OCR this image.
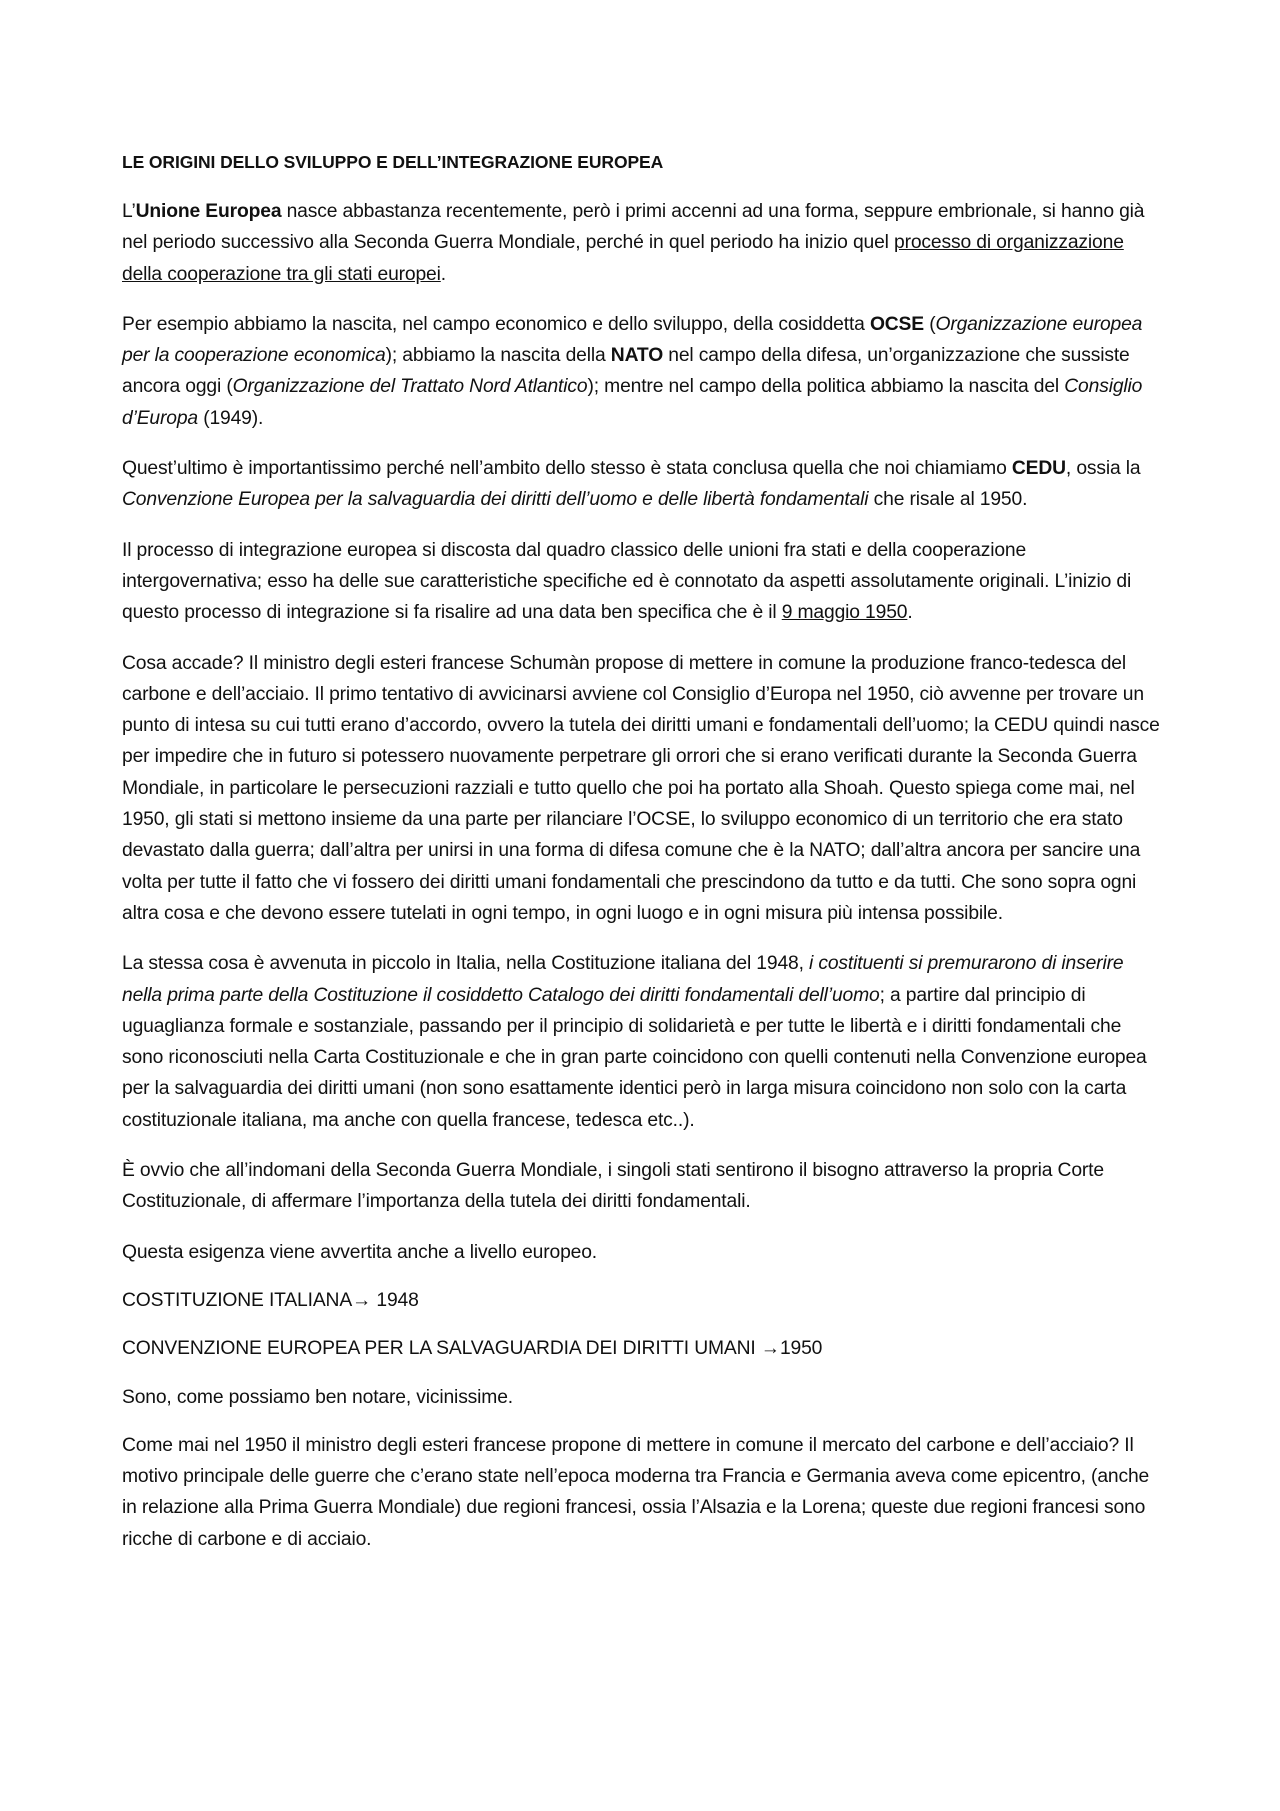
LE ORIGINI DELLO SVILUPPO E DELL’INTEGRAZIONE EUROPEA

L’Unione Europea nasce abbastanza recentemente, però i primi accenni ad una forma, seppure embrionale, si hanno già nel periodo successivo alla Seconda Guerra Mondiale, perché in quel periodo ha inizio quel processo di organizzazione della cooperazione tra gli stati europei.

Per esempio abbiamo la nascita, nel campo economico e dello sviluppo, della cosiddetta OCSE (Organizzazione europea per la cooperazione economica); abbiamo la nascita della NATO nel campo della difesa, un’organizzazione che sussiste ancora oggi (Organizzazione del Trattato Nord Atlantico); mentre nel campo della politica abbiamo la nascita del Consiglio d’Europa (1949).

Quest’ultimo è importantissimo perché nell’ambito dello stesso è stata conclusa quella che noi chiamiamo CEDU, ossia la Convenzione Europea per la salvaguardia dei diritti dell’uomo e delle libertà fondamentali che risale al 1950.

Il processo di integrazione europea si discosta dal quadro classico delle unioni fra stati e della cooperazione intergovernativa; esso ha delle sue caratteristiche specifiche ed è connotato da aspetti assolutamente originali. L’inizio di questo processo di integrazione si fa risalire ad una data ben specifica che è il 9 maggio 1950.

Cosa accade? Il ministro degli esteri francese Schumàn propose di mettere in comune la produzione franco-tedesca del carbone e dell’acciaio. Il primo tentativo di avvicinarsi avviene col Consiglio d’Europa nel 1950, ciò avvenne per trovare un punto di intesa su cui tutti erano d’accordo, ovvero la tutela dei diritti umani e fondamentali dell’uomo; la CEDU quindi nasce per impedire che in futuro si potessero nuovamente perpetrare gli orrori che si erano verificati durante la Seconda Guerra Mondiale, in particolare le persecuzioni razziali e tutto quello che poi ha portato alla Shoah. Questo spiega come mai, nel 1950, gli stati si mettono insieme da una parte per rilanciare l’OCSE, lo sviluppo economico di un territorio che era stato devastato dalla guerra; dall’altra per unirsi in una forma di difesa comune che è la NATO; dall’altra ancora per sancire una volta per tutte il fatto che vi fossero dei diritti umani fondamentali che prescindono da tutto e da tutti. Che sono sopra ogni altra cosa e che devono essere tutelati in ogni tempo, in ogni luogo e in ogni misura più intensa possibile.

La stessa cosa è avvenuta in piccolo in Italia, nella Costituzione italiana del 1948, i costituenti si premurarono di inserire nella prima parte della Costituzione il cosiddetto Catalogo dei diritti fondamentali dell’uomo; a partire dal principio di uguaglianza formale e sostanziale, passando per il principio di solidarietà e per tutte le libertà e i diritti fondamentali che sono riconosciuti nella Carta Costituzionale e che in gran parte coincidono con quelli contenuti nella Convenzione europea per la salvaguardia dei diritti umani (non sono esattamente identici però in larga misura coincidono non solo con la carta costituzionale italiana, ma anche con quella francese, tedesca etc..).

È ovvio che all’indomani della Seconda Guerra Mondiale, i singoli stati sentirono il bisogno attraverso la propria Corte Costituzionale, di affermare l’importanza della tutela dei diritti fondamentali.

Questa esigenza viene avvertita anche a livello europeo.

COSTITUZIONE ITALIANA→ 1948

CONVENZIONE EUROPEA PER LA SALVAGUARDIA DEI DIRITTI UMANI →1950

Sono, come possiamo ben notare, vicinissime.

Come mai nel 1950 il ministro degli esteri francese propone di mettere in comune il mercato del carbone e dell’acciaio? Il motivo principale delle guerre che c’erano state nell’epoca moderna tra Francia e Germania aveva come epicentro, (anche in relazione alla Prima Guerra Mondiale) due regioni francesi, ossia l’Alsazia e la Lorena; queste due regioni francesi sono ricche di carbone e di acciaio.
